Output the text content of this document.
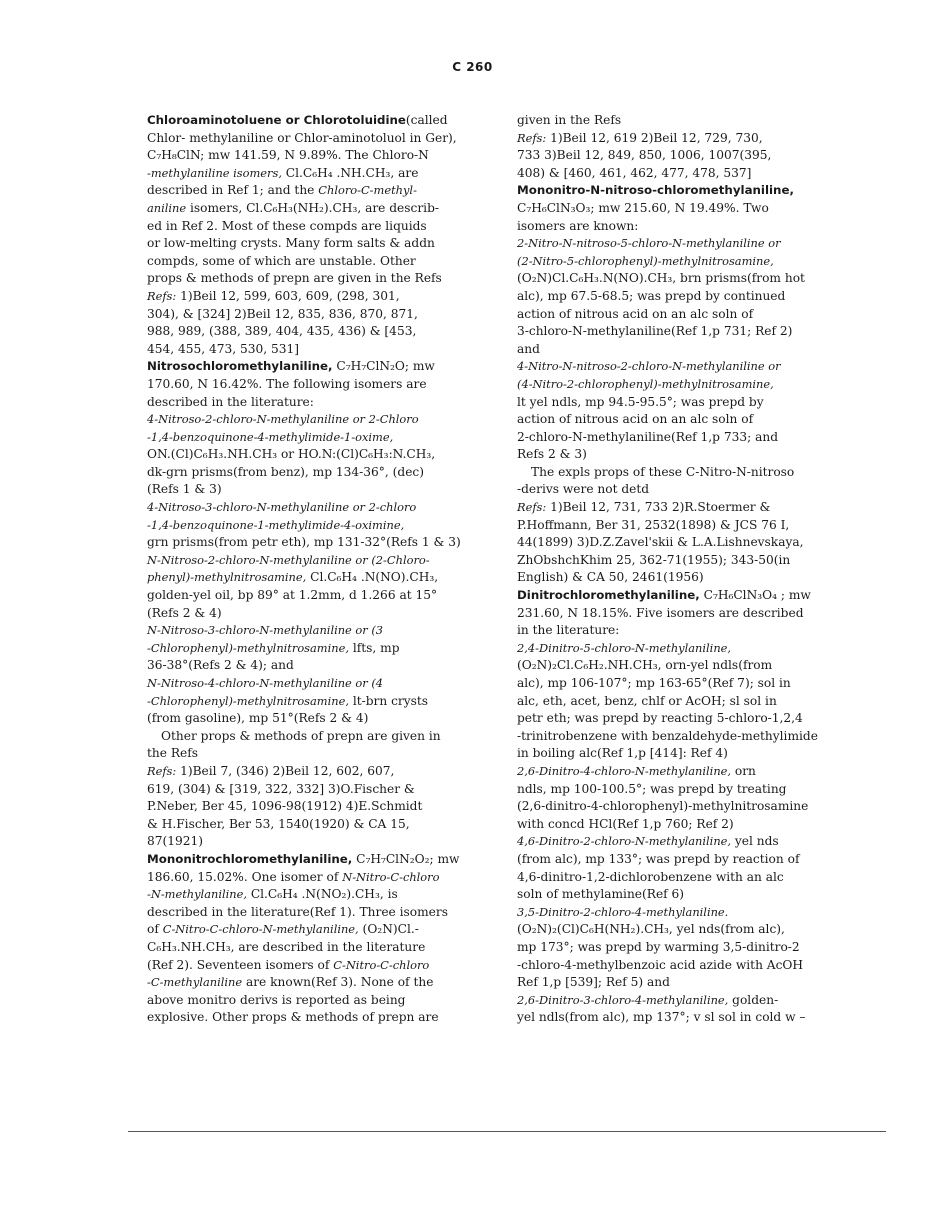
C 260
Chloroaminotoluene or Chlorotoluidine(called
Chlor- methylaniline or Chlor-aminotoluol in Ger),
C₇H₈ClN; mw 141.59, N 9.89%. The Chloro-N
-methylaniline isomers, Cl.C₆H₄ .NH.CH₃, are
described in Ref 1; and the Chloro-C-methyl-
aniline isomers, Cl.C₆H₃(NH₂).CH₃, are describ-
ed in Ref 2. Most of these compds are liquids
or low-melting crysts. Many form salts & addn
compds, some of which are unstable. Other
props & methods of prepn are given in the Refs
Refs: 1)Beil 12, 599, 603, 609, (298, 301,
304), & [324] 2)Beil 12, 835, 836, 870, 871,
988, 989, (388, 389, 404, 435, 436) & [453,
454, 455, 473, 530, 531]
Nitrosochloromethylaniline, C₇H₇ClN₂O; mw
170.60, N 16.42%. The following isomers are
described in the literature:
4-Nitroso-2-chloro-N-methylaniline or 2-Chloro
-1,4-benzoquinone-4-methylimide-1-oxime,
ON.(Cl)C₆H₃.NH.CH₃ or HO.N:(Cl)C₆H₃:N.CH₃,
dk-grn prisms(from benz), mp 134-36°, (dec)
(Refs 1 & 3)
4-Nitroso-3-chloro-N-methylaniline or 2-chloro
-1,4-benzoquinone-1-methylimide-4-oximine,
grn prisms(from petr eth), mp 131-32°(Refs 1 & 3)
N-Nitroso-2-chloro-N-methylaniline or (2-Chloro-
phenyl)-methylnitrosamine, Cl.C₆H₄ .N(NO).CH₃,
golden-yel oil, bp 89° at 1.2mm, d 1.266 at 15°
(Refs 2 & 4)
N-Nitroso-3-chloro-N-methylaniline or (3
-Chlorophenyl)-methylnitrosamine, lfts, mp
36-38°(Refs 2 & 4); and
N-Nitroso-4-chloro-N-methylaniline or (4
-Chlorophenyl)-methylnitrosamine, lt-brn crysts
(from gasoline), mp 51°(Refs 2 & 4)
Other props & methods of prepn are given in
the Refs
Refs: 1)Beil 7, (346) 2)Beil 12, 602, 607,
619, (304) & [319, 322, 332] 3)O.Fischer &
P.Neber, Ber 45, 1096-98(1912) 4)E.Schmidt
& H.Fischer, Ber 53, 1540(1920) & CA 15,
87(1921)
Mononitrochloromethylaniline, C₇H₇ClN₂O₂; mw
186.60, 15.02%. One isomer of N-Nitro-C-chloro
-N-methylaniline, Cl.C₆H₄ .N(NO₂).CH₃, is
described in the literature(Ref 1). Three isomers
of C-Nitro-C-chloro-N-methylaniline, (O₂N)Cl.-
C₆H₃.NH.CH₃, are described in the literature
(Ref 2). Seventeen isomers of C-Nitro-C-chloro
-C-methylaniline are known(Ref 3). None of the
above monitro derivs is reported as being
explosive. Other props & methods of prepn are
given in the Refs
Refs: 1)Beil 12, 619 2)Beil 12, 729, 730,
733 3)Beil 12, 849, 850, 1006, 1007(395,
408) & [460, 461, 462, 477, 478, 537]
Mononitro-N-nitroso-chloromethylaniline,
C₇H₆ClN₃O₃; mw 215.60, N 19.49%. Two
isomers are known:
2-Nitro-N-nitroso-5-chloro-N-methylaniline or
(2-Nitro-5-chlorophenyl)-methylnitrosamine,
(O₂N)Cl.C₆H₃.N(NO).CH₃, brn prisms(from hot
alc), mp 67.5-68.5; was prepd by continued
action of nitrous acid on an alc soln of
3-chloro-N-methylaniline(Ref 1,p 731; Ref 2)
and
4-Nitro-N-nitroso-2-chloro-N-methylaniline or
(4-Nitro-2-chlorophenyl)-methylnitrosamine,
lt yel ndls, mp 94.5-95.5°; was prepd by
action of nitrous acid on an alc soln of
2-chloro-N-methylaniline(Ref 1,p 733; and
Refs 2 & 3)
The expls props of these C-Nitro-N-nitroso
-derivs were not detd
Refs: 1)Beil 12, 731, 733 2)R.Stoermer &
P.Hoffmann, Ber 31, 2532(1898) & JCS 76 I,
44(1899) 3)D.Z.Zavel'skii & L.A.Lishnevskaya,
ZhObshchKhim 25, 362-71(1955); 343-50(in
English) & CA 50, 2461(1956)
Dinitrochloromethylaniline, C₇H₆ClN₃O₄ ; mw
231.60, N 18.15%. Five isomers are described
in the literature:
2,4-Dinitro-5-chloro-N-methylaniline,
(O₂N)₂Cl.C₆H₂.NH.CH₃, orn-yel ndls(from
alc), mp 106-107°; mp 163-65°(Ref 7); sol in
alc, eth, acet, benz, chlf or AcOH; sl sol in
petr eth; was prepd by reacting 5-chloro-1,2,4
-trinitrobenzene with benzaldehyde-methylimide
in boiling alc(Ref 1,p [414]: Ref 4)
2,6-Dinitro-4-chloro-N-methylaniline, orn
ndls, mp 100-100.5°; was prepd by treating
(2,6-dinitro-4-chlorophenyl)-methylnitrosamine
with concd HCl(Ref 1,p 760; Ref 2)
4,6-Dinitro-2-chloro-N-methylaniline, yel nds
(from alc), mp 133°; was prepd by reaction of
4,6-dinitro-1,2-dichlorobenzene with an alc
soln of methylamine(Ref 6)
3,5-Dinitro-2-chloro-4-methylaniline.
(O₂N)₂(Cl)C₆H(NH₂).CH₃, yel nds(from alc),
mp 173°; was prepd by warming 3,5-dinitro-2
-chloro-4-methylbenzoic acid azide with AcOH
Ref 1,p [539]; Ref 5) and
2,6-Dinitro-3-chloro-4-methylaniline, golden-
yel ndls(from alc), mp 137°; v sl sol in cold w –
